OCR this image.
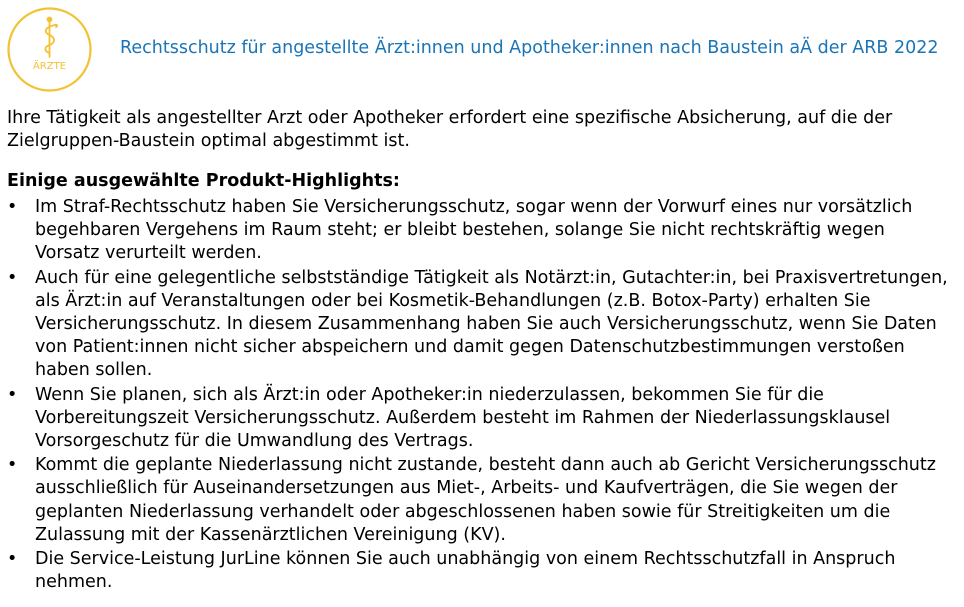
ÄRZTE
Rechtsschutz für angestellte Ärzt:innen und Apotheker:innen nach Baustein aÄ der ARB 2022

Ihre Tätigkeit als angestellter Arzt oder Apotheker erfordert eine spezifische Absicherung, auf die der Zielgruppen-Baustein optimal abgestimmt ist.

Einige ausgewählte Produkt-Highlights:

• Im Straf-Rechtsschutz haben Sie Versicherungsschutz, sogar wenn der Vorwurf eines nur vorsätzlich begehbaren Vergehens im Raum steht; er bleibt bestehen, solange Sie nicht rechtskräftig wegen Vorsatz verurteilt werden.
• Auch für eine gelegentliche selbstständige Tätigkeit als Notärzt:in, Gutachter:in, bei Praxisvertretungen, als Ärzt:in auf Veranstaltungen oder bei Kosmetik-Behandlungen (z.B. Botox-Party) erhalten Sie Versicherungsschutz. In diesem Zusammenhang haben Sie auch Versicherungsschutz, wenn Sie Daten von Patient:innen nicht sicher abspeichern und damit gegen Datenschutzbestimmungen verstoßen haben sollen.
• Wenn Sie planen, sich als Ärzt:in oder Apotheker:in niederzulassen, bekommen Sie für die Vorbereitungszeit Versicherungsschutz. Außerdem besteht im Rahmen der Niederlassungsklausel Vorsorgeschutz für die Umwandlung des Vertrags.
• Kommt die geplante Niederlassung nicht zustande, besteht dann auch ab Gericht Versicherungsschutz ausschließlich für Auseinandersetzungen aus Miet-, Arbeits- und Kaufverträgen, die Sie wegen der geplanten Niederlassung verhandelt oder abgeschlossenen haben sowie für Streitigkeiten um die Zulassung mit der Kassenärztlichen Vereinigung (KV).
• Die Service-Leistung JurLine können Sie auch unabhängig von einem Rechtsschutzfall in Anspruch nehmen.
